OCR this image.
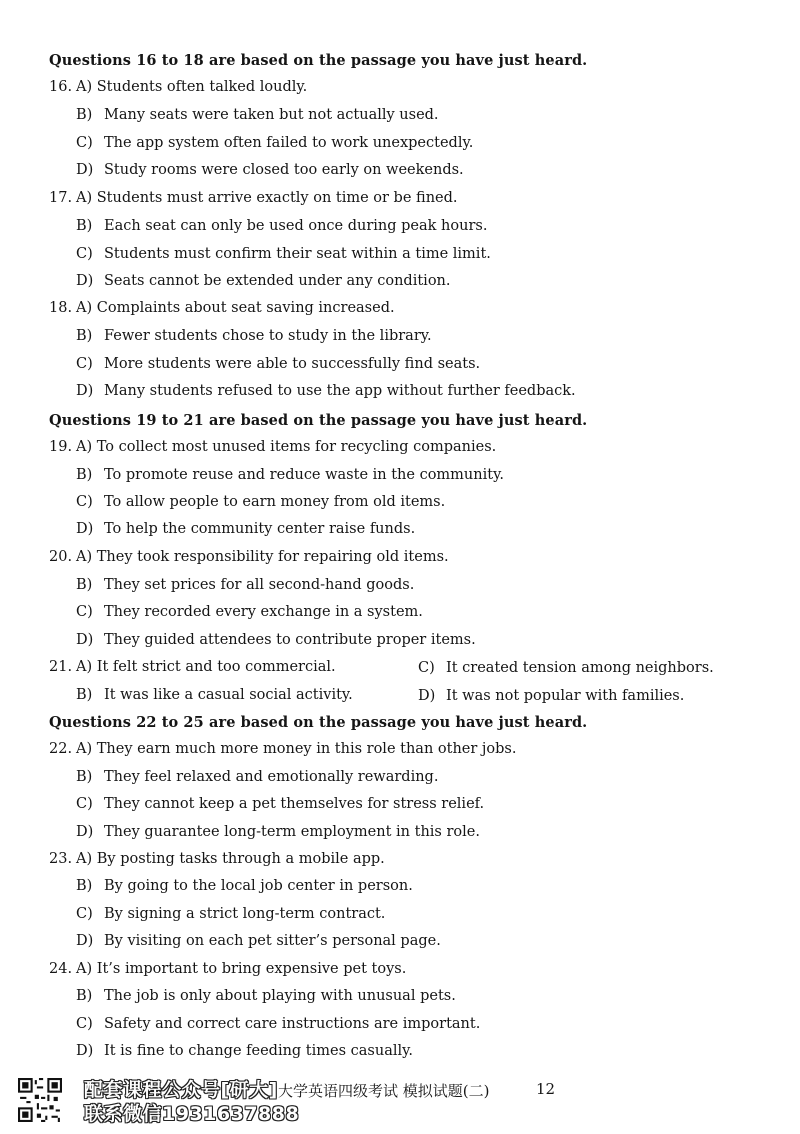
Questions 16 to 18 are based on the passage you have just heard.
16. A) Students often talked loudly.
B) Many seats were taken but not actually used.
C) The app system often failed to work unexpectedly.
D) Study rooms were closed too early on weekends.
17. A) Students must arrive exactly on time or be fined.
B) Each seat can only be used once during peak hours.
C) Students must confirm their seat within a time limit.
D) Seats cannot be extended under any condition.
18. A) Complaints about seat saving increased.
B) Fewer students chose to study in the library.
C) More students were able to successfully find seats.
D) Many students refused to use the app without further feedback.
Questions 19 to 21 are based on the passage you have just heard.
19. A) To collect most unused items for recycling companies.
B) To promote reuse and reduce waste in the community.
C) To allow people to earn money from old items.
D) To help the community center raise funds.
20. A) They took responsibility for repairing old items.
B) They set prices for all second-hand goods.
C) They recorded every exchange in a system.
D) They guided attendees to contribute proper items.
21. A) It felt strict and too commercial.	C) It created tension among neighbors.
B) It was like a casual social activity.	D) It was not popular with families.
Questions 22 to 25 are based on the passage you have just heard.
22. A) They earn much more money in this role than other jobs.
B) They feel relaxed and emotionally rewarding.
C) They cannot keep a pet themselves for stress relief.
D) They guarantee long-term employment in this role.
23. A) By posting tasks through a mobile app.
B) By going to the local job center in person.
C) By signing a strict long-term contract.
D) By visiting on each pet sitter’s personal page.
24. A) It’s important to bring expensive pet toys.
B) The job is only about playing with unusual pets.
C) Safety and correct care instructions are important.
D) It is fine to change feeding times casually.
配套课程公众号[研大]
联系微信1931637888
大学英语四级考试 模拟试题(二)	12
